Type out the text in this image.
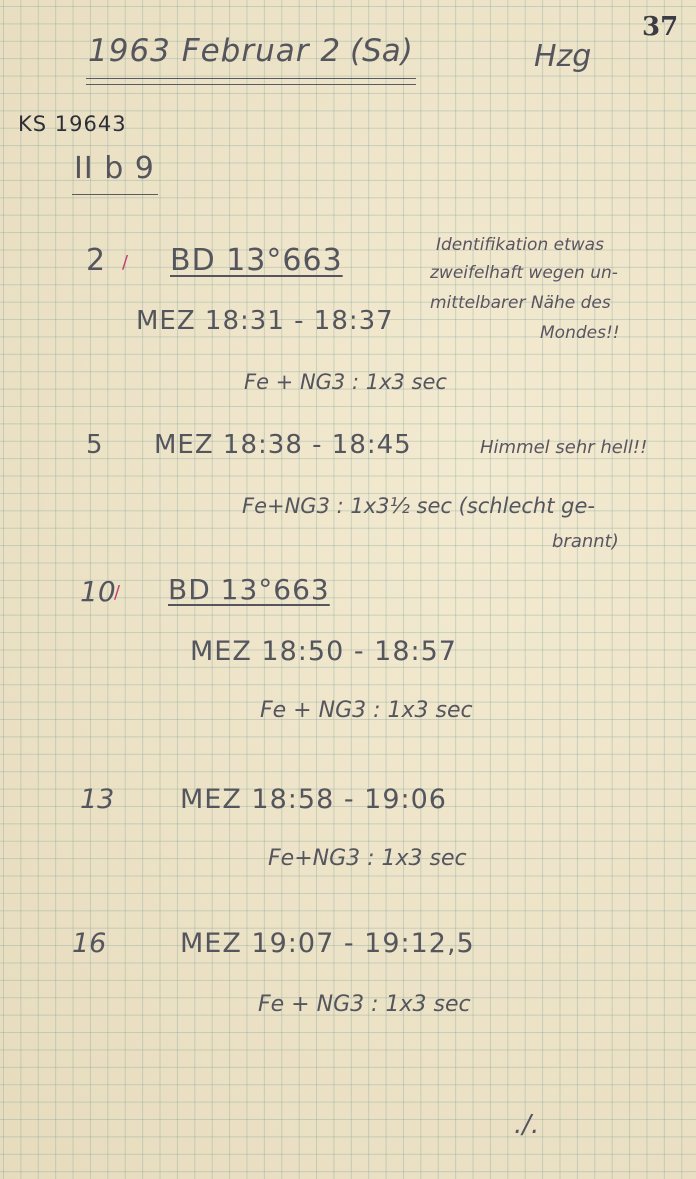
37
1963 Februar 2 (Sa)	Hzg
KS 19643
II b 9
2 / BD 13°663
MEZ 18:31 - 18:37
Fe + NG3 : 1x3 sec
Identifikation etwas
zweifelhaft wegen un-
mittelbarer Nähe des
Mondes!!
5 MEZ 18:38 - 18:45	Himmel sehr hell!!
Fe+NG3 : 1x3½ sec (schlecht ge-
brannt)
10
/ BD 13°663
MEZ 18:50 - 18:57
Fe + NG3 : 1x3 sec
13 MEZ 18:58 - 19:06
Fe+NG3 : 1x3 sec
16	MEZ 19:07 - 19:12,5
Fe + NG3 : 1x3 sec
./.
